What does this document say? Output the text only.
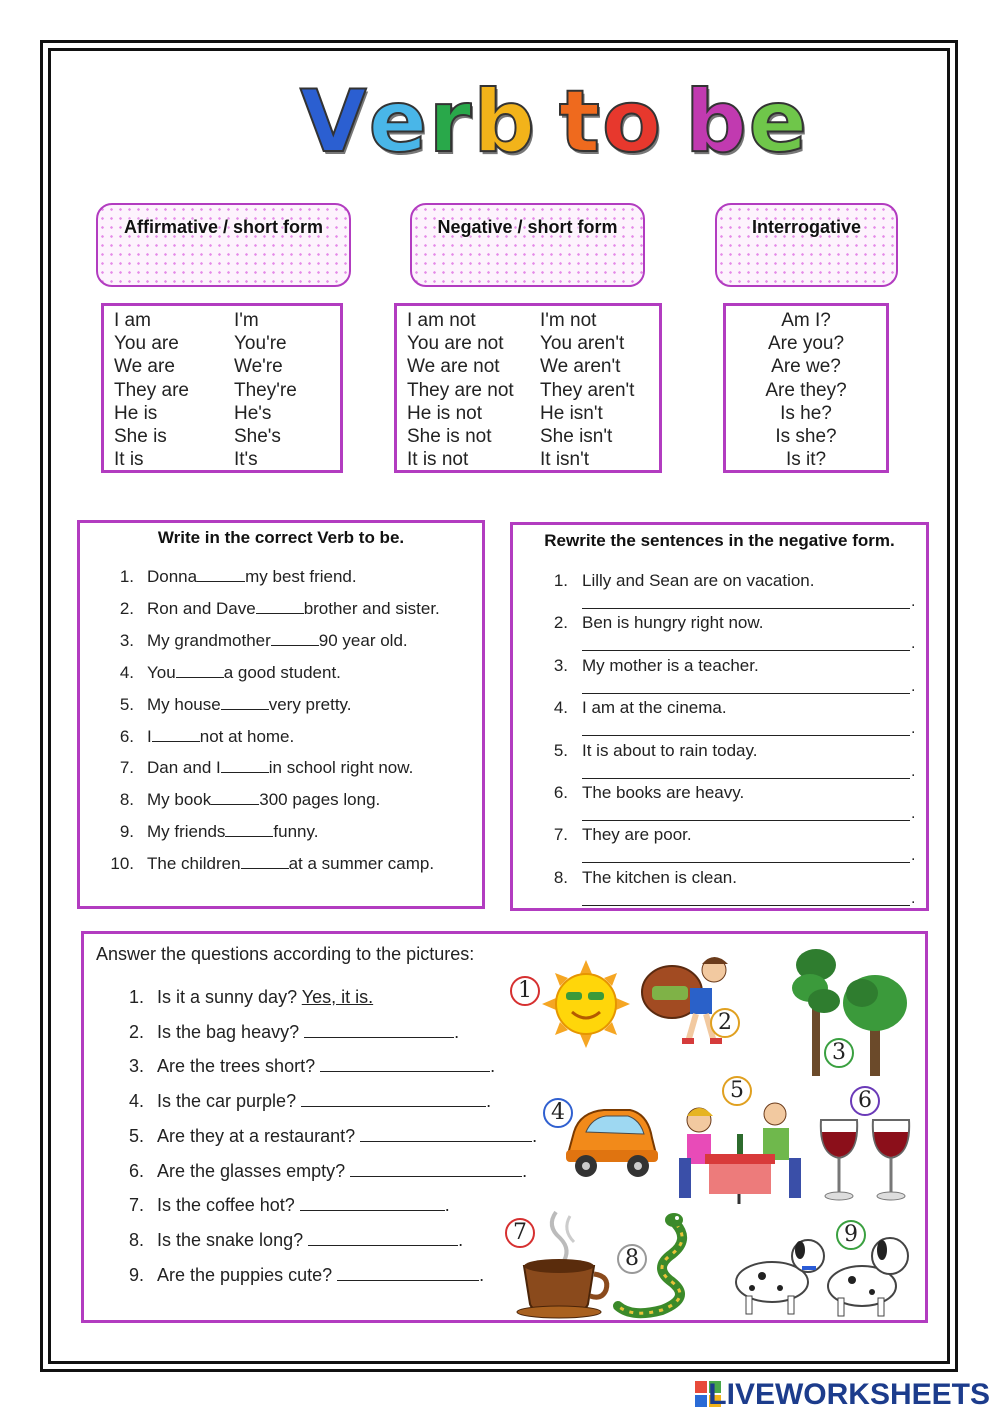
Verb to be
Affirmative / short form	Negative / short form	Interrogative
I am	I'm
You are	You're
We are	We're
They are They're
He is	He's
She is	She's
It is	It's
I am not	I'm not
You are not You aren't
We are not We aren't
They are not They aren't
He is not	He isn't
She is not	She isn't
It is not	It isn't
Am I?
Are you?
Are we?
Are they?
Is he?
Is she?
Is it?
Write in the correct Verb to be.
1. Donna	my best friend.
2. Ron and Dave	brother and sister.
3. My grandmother	90 year old.
4. You	a good student.
5. My house	very pretty.
6. I	not at home.
7. Dan and I	in school right now.
8. My book	300 pages long.
9. My friends	funny.
10. The children	at a summer camp.
Rewrite the sentences in the negative form.
1. Lilly and Sean are on vacation.
.
2. Ben is hungry right now.
.
3. My mother is a teacher.
.
4. I am at the cinema.
.
5. It is about to rain today.
.
6. The books are heavy.
.
7. They are poor.
.
8. The kitchen is clean.
.
Answer the questions according to the pictures:
1. Is it a sunny day? Yes, it is.
2. Is the bag heavy?	.
3. Are the trees short?	.
4. Is the car purple?	.
5. Are they at a restaurant?	.
6. Are the glasses empty?	.
7. Is the coffee hot?	.
8. Is the snake long?	.
9. Are the puppies cute?	.
LIVEWORKSHEETS
1
2
3
4
5	6
7
8
9
